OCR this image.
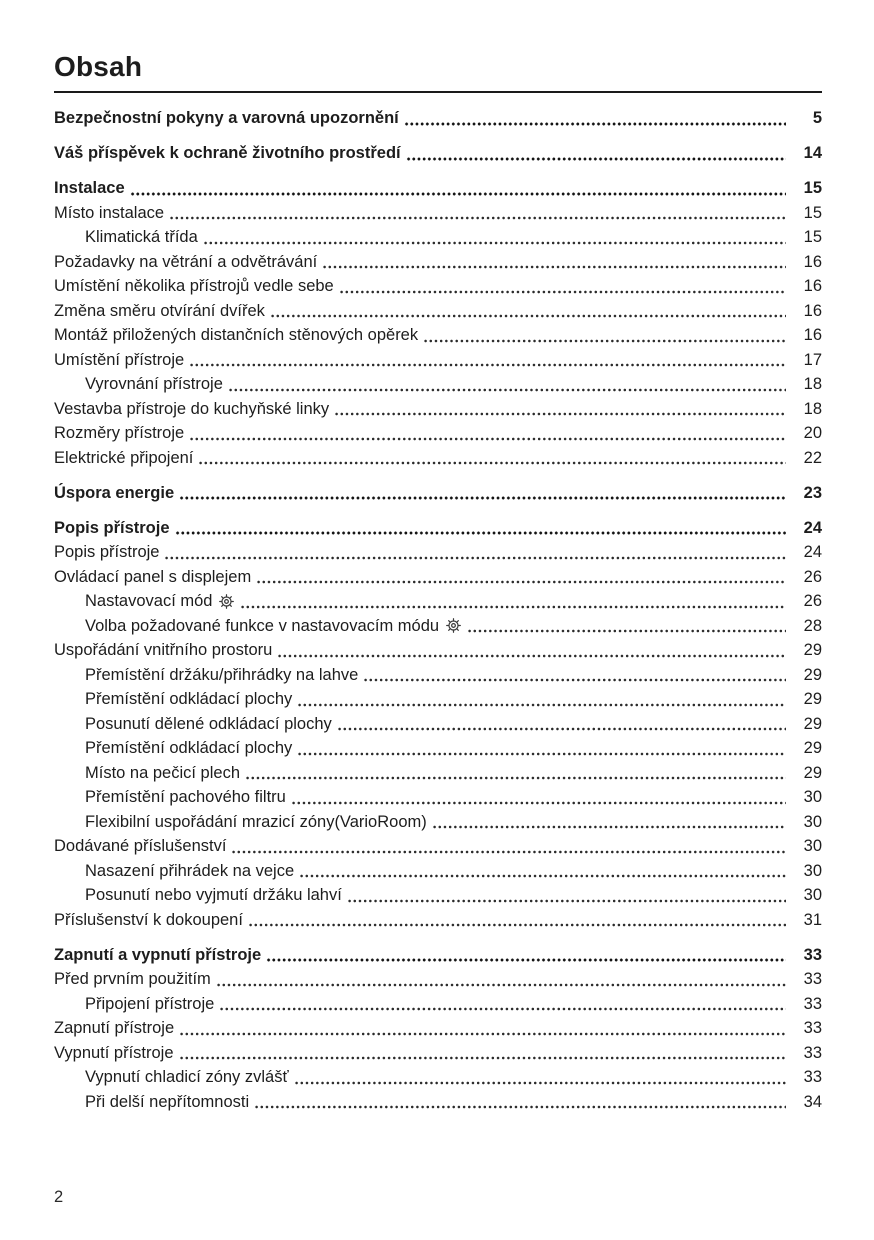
Obsah
Bezpečnostní pokyny a varovná upozornění	5
Váš příspěvek k ochraně životního prostředí	14
Instalace	15
Místo instalace	15
Klimatická třída	15
Požadavky na větrání a odvětrávání	16
Umístění několika přístrojů vedle sebe	16
Změna směru otvírání dvířek	16
Montáž přiložených distančních stěnových opěrek	16
Umístění přístroje	17
Vyrovnání přístroje	18
Vestavba přístroje do kuchyňské linky	18
Rozměry přístroje	20
Elektrické připojení	22
Úspora energie	23
Popis přístroje	24
Popis přístroje	24
Ovládací panel s displejem	26
Nastavovací mód	26
Volba požadované funkce v nastavovacím módu	28
Uspořádání vnitřního prostoru	29
Přemístění držáku/přihrádky na lahve	29
Přemístění odkládací plochy	29
Posunutí dělené odkládací plochy	29
Přemístění odkládací plochy	29
Místo na pečicí plech	29
Přemístění pachového filtru	30
Flexibilní uspořádání mrazicí zóny(VarioRoom)	30
Dodávané příslušenství	30
Nasazení přihrádek na vejce	30
Posunutí nebo vyjmutí držáku lahví	30
Příslušenství k dokoupení	31
Zapnutí a vypnutí přístroje	33
Před prvním použitím	33
Připojení přístroje	33
Zapnutí přístroje	33
Vypnutí přístroje	33
Vypnutí chladicí zóny zvlášť	33
Při delší nepřítomnosti	34
2
